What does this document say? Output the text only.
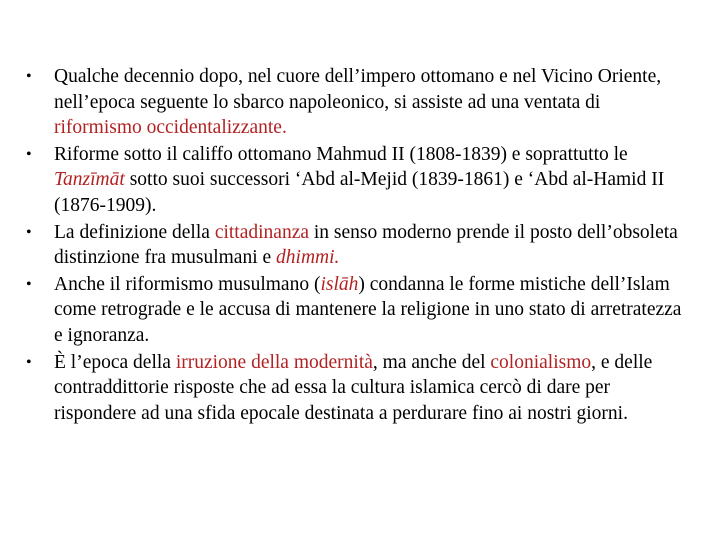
• Qualche decennio dopo, nel cuore dell’impero ottomano e nel Vicino Oriente, nell’epoca seguente lo sbarco napoleonico, si assiste ad una ventata di riformismo occidentalizzante.
• Riforme sotto il califfo ottomano Mahmud II (1808-1839) e soprattutto le Tanzīmāt sotto suoi successori ‘Abd al-Mejid (1839-1861) e ‘Abd al-Hamid II (1876-1909).
• La definizione della cittadinanza in senso moderno prende il posto dell’obsoleta distinzione fra musulmani e dhimmi.
• Anche il riformismo musulmano (islāh) condanna le forme mistiche dell’Islam come retrograde e le accusa di mantenere la religione in uno stato di arretratezza e ignoranza.
• È l’epoca della irruzione della modernità, ma anche del colonialismo, e delle contraddittorie risposte che ad essa la cultura islamica cercò di dare per rispondere ad una sfida epocale destinata a perdurare fino ai nostri giorni.
